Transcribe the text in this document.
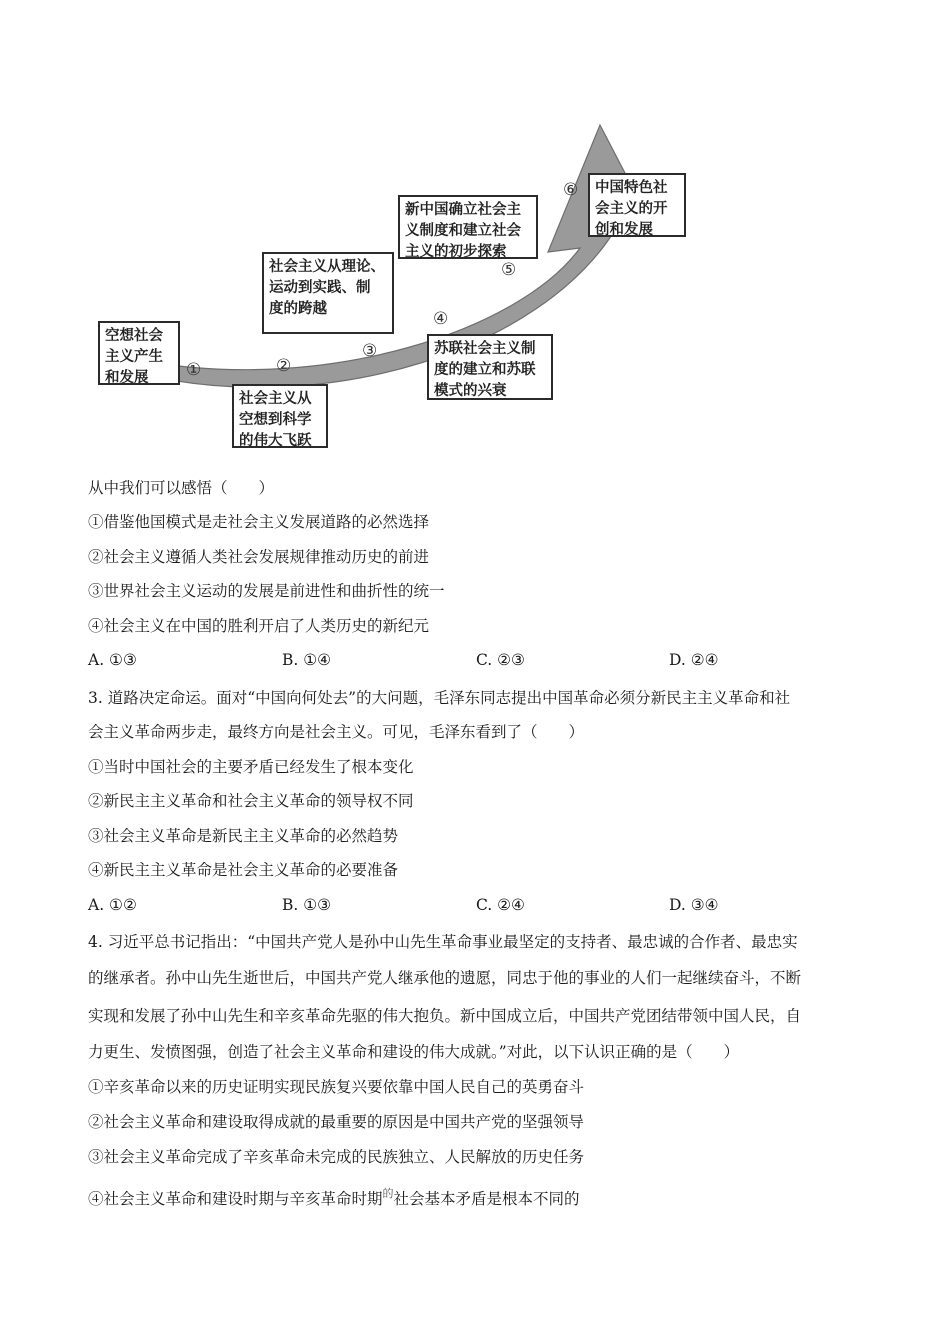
空想社会
主义产生
和发展
社会主义从
空想到科学
的伟大飞跃
社会主义从理论、
运动到实践、制
度的跨越
苏联社会主义制
度的建立和苏联
模式的兴衰
新中国确立社会主
义制度和建立社会
主义的初步探索
中国特色社
会主义的开
创和发展
①	②
③
④
⑤
⑥
从中我们可以感悟（　　）
①借鉴他国模式是走社会主义发展道路的必然选择
②社会主义遵循人类社会发展规律推动历史的前进
③世界社会主义运动的发展是前进性和曲折性的统一
④社会主义在中国的胜利开启了人类历史的新纪元
A. ①③	B. ①④	C. ②③	D. ②④
3. 道路决定命运。面对“中国向何处去”的大问题，毛泽东同志提出中国革命必须分新民主主义革命和社
会主义革命两步走，最终方向是社会主义。可见，毛泽东看到了（　　）
①当时中国社会的主要矛盾已经发生了根本变化
②新民主主义革命和社会主义革命的领导权不同
③社会主义革命是新民主主义革命的必然趋势
④新民主主义革命是社会主义革命的必要准备
A. ①②	B. ①③	C. ②④	D. ③④
4. 习近平总书记指出：“中国共产党人是孙中山先生革命事业最坚定的支持者、最忠诚的合作者、最忠实
的继承者。孙中山先生逝世后，中国共产党人继承他的遗愿，同忠于他的事业的人们一起继续奋斗，不断
实现和发展了孙中山先生和辛亥革命先驱的伟大抱负。新中国成立后，中国共产党团结带领中国人民，自
力更生、发愤图强，创造了社会主义革命和建设的伟大成就。”对此，以下认识正确的是（　　）
①辛亥革命以来的历史证明实现民族复兴要依靠中国人民自己的英勇奋斗
②社会主义革命和建设取得成就的最重要的原因是中国共产党的坚强领导
③社会主义革命完成了辛亥革命未完成的民族独立、人民解放的历史任务
④社会主义革命和建设时期与辛亥革命时期$^的$社会基本矛盾是根本不同的
